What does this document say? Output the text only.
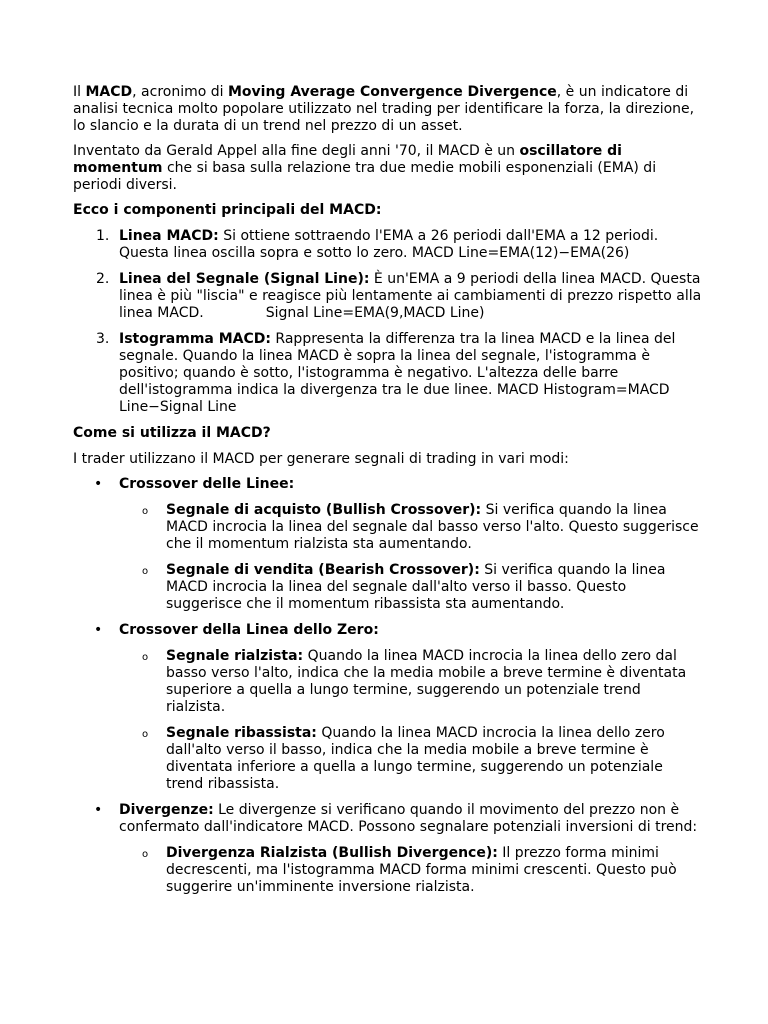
Il MACD, acronimo di Moving Average Convergence Divergence, è un indicatore di analisi tecnica molto popolare utilizzato nel trading per identificare la forza, la direzione, lo slancio e la durata di un trend nel prezzo di un asset.

Inventato da Gerald Appel alla fine degli anni '70, il MACD è un oscillatore di momentum che si basa sulla relazione tra due medie mobili esponenziali (EMA) di periodi diversi.

Ecco i componenti principali del MACD:
1. Linea MACD: Si ottiene sottraendo l'EMA a 26 periodi dall'EMA a 12 periodi. Questa linea oscilla sopra e sotto lo zero. MACD Line=EMA(12)−EMA(26)
2. Linea del Segnale (Signal Line): È un'EMA a 9 periodi della linea MACD. Questa linea è più "liscia" e reagisce più lentamente ai cambiamenti di prezzo rispetto alla linea MACD.	Signal Line=EMA(9,MACD Line)
3. Istogramma MACD: Rappresenta la differenza tra la linea MACD e la linea del segnale. Quando la linea MACD è sopra la linea del segnale, l'istogramma è positivo; quando è sotto, l'istogramma è negativo. L'altezza delle barre dell'istogramma indica la divergenza tra le due linee. MACD Histogram=MACD Line−Signal Line
Come si utilizza il MACD?

I trader utilizzano il MACD per generare segnali di trading in vari modi:

• Crossover delle Linee:
o Segnale di acquisto (Bullish Crossover): Si verifica quando la linea MACD incrocia la linea del segnale dal basso verso l'alto. Questo suggerisce che il momentum rialzista sta aumentando.
o Segnale di vendita (Bearish Crossover): Si verifica quando la linea MACD incrocia la linea del segnale dall'alto verso il basso. Questo suggerisce che il momentum ribassista sta aumentando.
• Crossover della Linea dello Zero:
o Segnale rialzista: Quando la linea MACD incrocia la linea dello zero dal basso verso l'alto, indica che la media mobile a breve termine è diventata superiore a quella a lungo termine, suggerendo un potenziale trend rialzista.
o Segnale ribassista: Quando la linea MACD incrocia la linea dello zero dall'alto verso il basso, indica che la media mobile a breve termine è diventata inferiore a quella a lungo termine, suggerendo un potenziale trend ribassista.
• Divergenze: Le divergenze si verificano quando il movimento del prezzo non è confermato dall'indicatore MACD. Possono segnalare potenziali inversioni di trend:
o Divergenza Rialzista (Bullish Divergence): Il prezzo forma minimi decrescenti, ma l'istogramma MACD forma minimi crescenti. Questo può suggerire un'imminente inversione rialzista.
